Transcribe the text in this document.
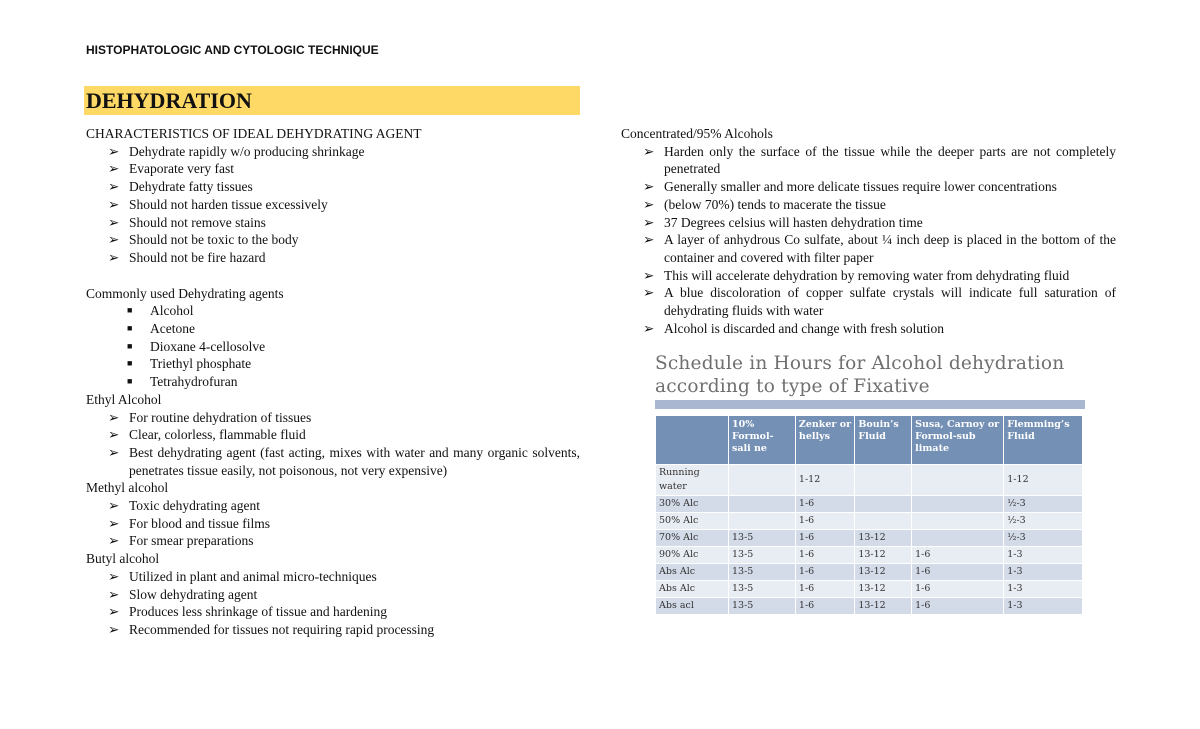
HISTOPHATOLOGIC AND CYTOLOGIC TECHNIQUE
DEHYDRATION
CHARACTERISTICS OF IDEAL DEHYDRATING AGENT
➢ Dehydrate rapidly w/o producing shrinkage
➢ Evaporate very fast
➢ Dehydrate fatty tissues
➢ Should not harden tissue excessively
➢ Should not remove stains
➢ Should not be toxic to the body
➢ Should not be fire hazard
Commonly used Dehydrating agents
■ Alcohol
■ Acetone
■ Dioxane 4-cellosolve
■ Triethyl phosphate
■ Tetrahydrofuran
Ethyl Alcohol
➢ For routine dehydration of tissues
➢ Clear, colorless, flammable fluid
➢ Best dehydrating agent (fast acting, mixes with water and many organic solvents, penetrates tissue easily, not poisonous, not very expensive)
Methyl alcohol
➢ Toxic dehydrating agent
➢ For blood and tissue films
➢ For smear preparations
Butyl alcohol
➢ Utilized in plant and animal micro-techniques
➢ Slow dehydrating agent
➢ Produces less shrinkage of tissue and hardening
➢ Recommended for tissues not requiring rapid processing
Concentrated/95% Alcohols
➢ Harden only the surface of the tissue while the deeper parts are not completely penetrated
➢ Generally smaller and more delicate tissues require lower concentrations
➢ (below 70%) tends to macerate the tissue
➢ 37 Degrees celsius will hasten dehydration time
➢ A layer of anhydrous Co sulfate, about ¼ inch deep is placed in the bottom of the container and covered with filter paper
➢ This will accelerate dehydration by removing water from dehydrating fluid
➢ A blue discoloration of copper sulfate crystals will indicate full saturation of dehydrating fluids with water
➢ Alcohol is discarded and change with fresh solution
Schedule in Hours for Alcohol dehydration
according to type of Fixative
	10% Formol-sali ne	Zenker or hellys	Bouin’s Fluid	Susa, Carnoy or Formol-sub limate	Flemming’s Fluid
Running water		1-12			1-12
30% Alc		1-6			½-3
50% Alc		1-6			½-3
70% Alc	13-5	1-6	13-12		½-3
90% Alc	13-5	1-6	13-12	1-6	1-3
Abs Alc	13-5	1-6	13-12	1-6	1-3
Abs Alc	13-5	1-6	13-12	1-6	1-3
Abs acl	13-5	1-6	13-12	1-6	1-3
